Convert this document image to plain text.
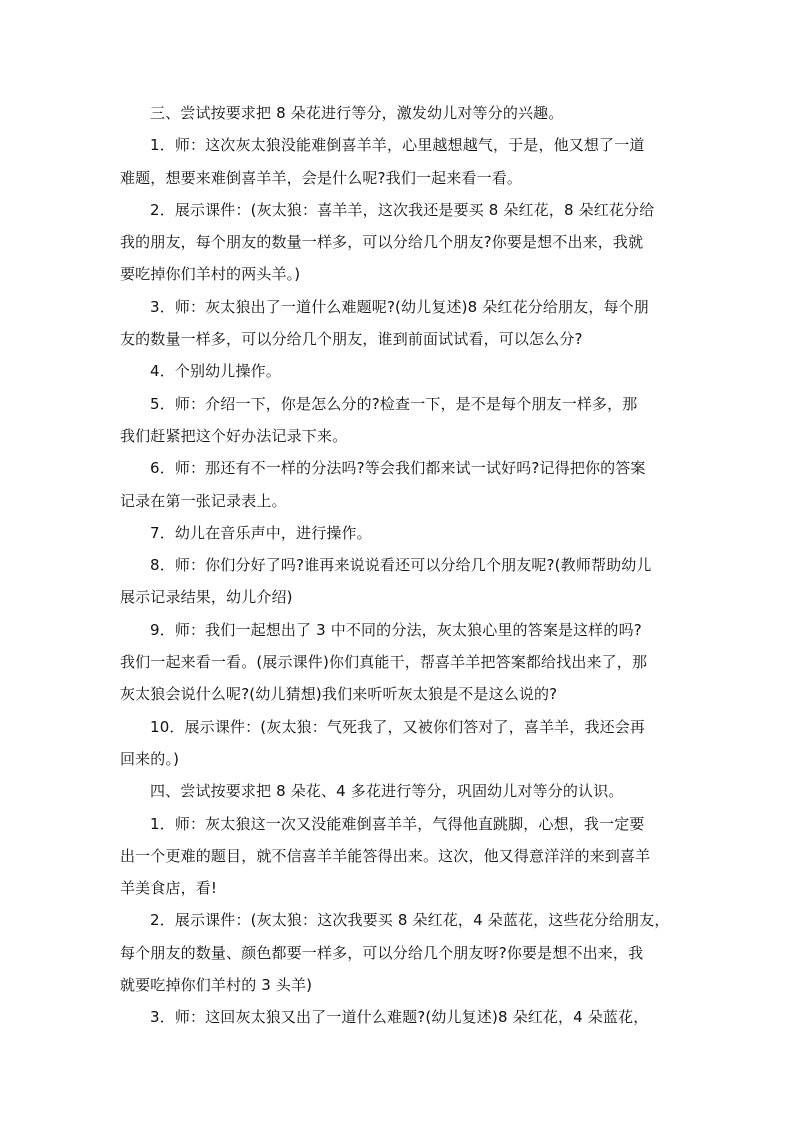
三、尝试按要求把 8 朵花进行等分，激发幼儿对等分的兴趣。
1．师：这次灰太狼没能难倒喜羊羊，心里越想越气，于是，他又想了一道
难题，想要来难倒喜羊羊，会是什么呢?我们一起来看一看。
2．展示课件：(灰太狼：喜羊羊，这次我还是要买 8 朵红花，8 朵红花分给
我的朋友，每个朋友的数量一样多，可以分给几个朋友?你要是想不出来，我就
要吃掉你们羊村的两头羊。)
3．师：灰太狼出了一道什么难题呢?(幼儿复述)8 朵红花分给朋友，每个朋
友的数量一样多，可以分给几个朋友，谁到前面试试看，可以怎么分?
4．个别幼儿操作。
5．师：介绍一下，你是怎么分的?检查一下，是不是每个朋友一样多，那
我们赶紧把这个好办法记录下来。
6．师：那还有不一样的分法吗?等会我们都来试一试好吗?记得把你的答案
记录在第一张记录表上。
7．幼儿在音乐声中，进行操作。
8．师：你们分好了吗?谁再来说说看还可以分给几个朋友呢?(教师帮助幼儿
展示记录结果，幼儿介绍)
9．师：我们一起想出了 3 中不同的分法，灰太狼心里的答案是这样的吗?
我们一起来看一看。(展示课件)你们真能干，帮喜羊羊把答案都给找出来了，那
灰太狼会说什么呢?(幼儿猜想)我们来听听灰太狼是不是这么说的?
10．展示课件：(灰太狼：气死我了，又被你们答对了，喜羊羊，我还会再
回来的。)
四、尝试按要求把 8 朵花、4 多花进行等分，巩固幼儿对等分的认识。
1．师：灰太狼这一次又没能难倒喜羊羊，气得他直跳脚，心想，我一定要
出一个更难的题目，就不信喜羊羊能答得出来。这次，他又得意洋洋的来到喜羊
羊美食店，看!
2．展示课件：(灰太狼：这次我要买 8 朵红花，4 朵蓝花，这些花分给朋友，
每个朋友的数量、颜色都要一样多，可以分给几个朋友呀?你要是想不出来，我
就要吃掉你们羊村的 3 头羊)
3．师：这回灰太狼又出了一道什么难题?(幼儿复述)8 朵红花，4 朵蓝花，
